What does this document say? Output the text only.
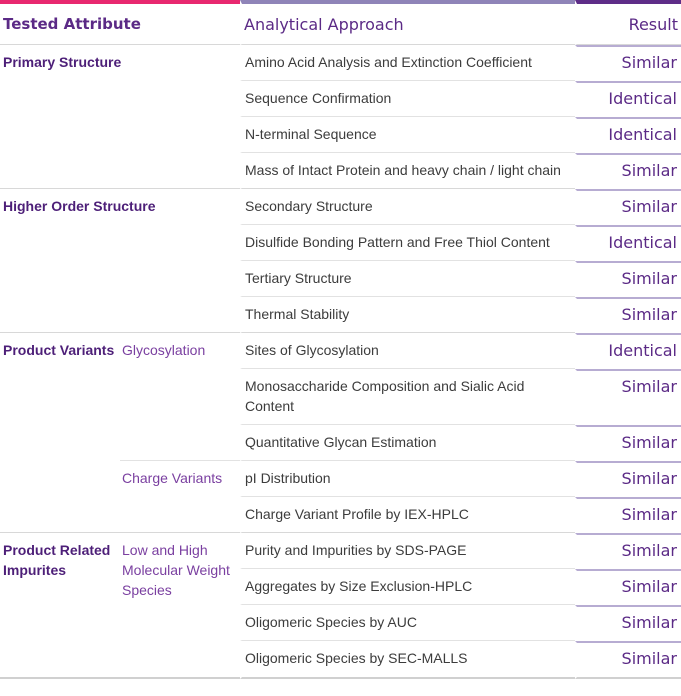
Tested Attribute		Analytical Approach	Result
Primary Structure		Amino Acid Analysis and Extinction Coefficient	Similar
		Sequence Confirmation	Identical
		N-terminal Sequence	Identical
		Mass of Intact Protein and heavy chain / light chain	Similar
Higher Order Structure		Secondary Structure	Similar
		Disulfide Bonding Pattern and Free Thiol Content	Identical
		Tertiary Structure	Similar
		Thermal Stability	Similar
Product Variants	Glycosylation	Sites of Glycosylation	Identical
		Monosaccharide Composition and Sialic Acid Content	Similar
		Quantitative Glycan Estimation	Similar
	Charge Variants	pI Distribution	Similar
		Charge Variant Profile by IEX-HPLC	Similar
Product Related Impurites	Low and High Molecular Weight Species	Purity and Impurities by SDS-PAGE	Similar
		Aggregates by Size Exclusion-HPLC	Similar
		Oligomeric Species by AUC	Similar
		Oligomeric Species by SEC-MALLS	Similar
